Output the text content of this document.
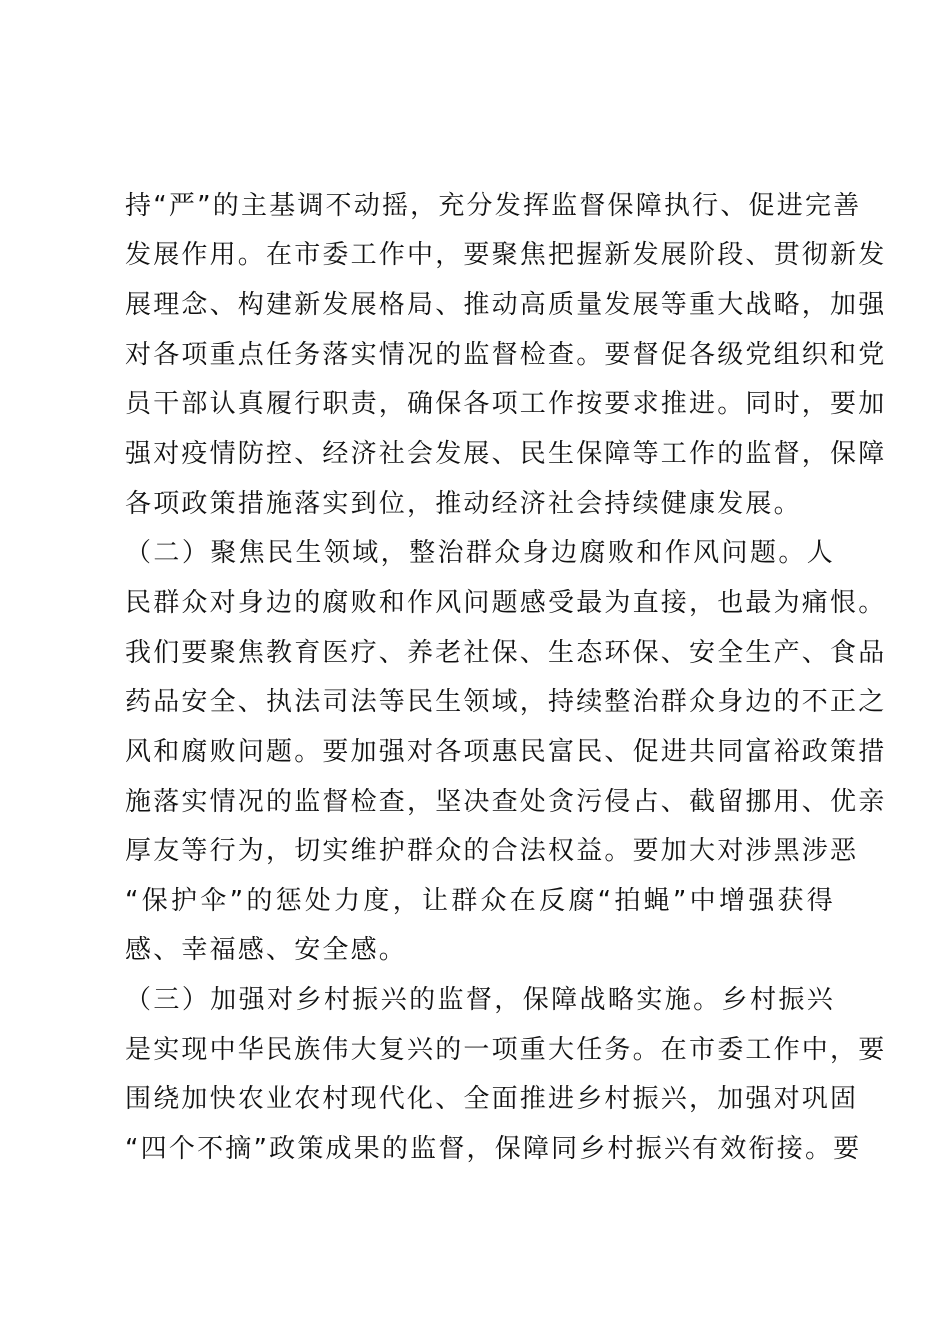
持“严”的主基调不动摇，充分发挥监督保障执行、促进完善
发展作用。在市委工作中，要聚焦把握新发展阶段、贯彻新发
展理念、构建新发展格局、推动高质量发展等重大战略，加强
对各项重点任务落实情况的监督检查。要督促各级党组织和党
员干部认真履行职责，确保各项工作按要求推进。同时，要加
强对疫情防控、经济社会发展、民生保障等工作的监督，保障
各项政策措施落实到位，推动经济社会持续健康发展。
（二）聚焦民生领域，整治群众身边腐败和作风问题。人
民群众对身边的腐败和作风问题感受最为直接，也最为痛恨。
我们要聚焦教育医疗、养老社保、生态环保、安全生产、食品
药品安全、执法司法等民生领域，持续整治群众身边的不正之
风和腐败问题。要加强对各项惠民富民、促进共同富裕政策措
施落实情况的监督检查，坚决查处贪污侵占、截留挪用、优亲
厚友等行为，切实维护群众的合法权益。要加大对涉黑涉恶
“保护伞”的惩处力度，让群众在反腐“拍蝇”中增强获得
感、幸福感、安全感。
（三）加强对乡村振兴的监督，保障战略实施。乡村振兴
是实现中华民族伟大复兴的一项重大任务。在市委工作中，要
围绕加快农业农村现代化、全面推进乡村振兴，加强对巩固
“四个不摘”政策成果的监督，保障同乡村振兴有效衔接。要
